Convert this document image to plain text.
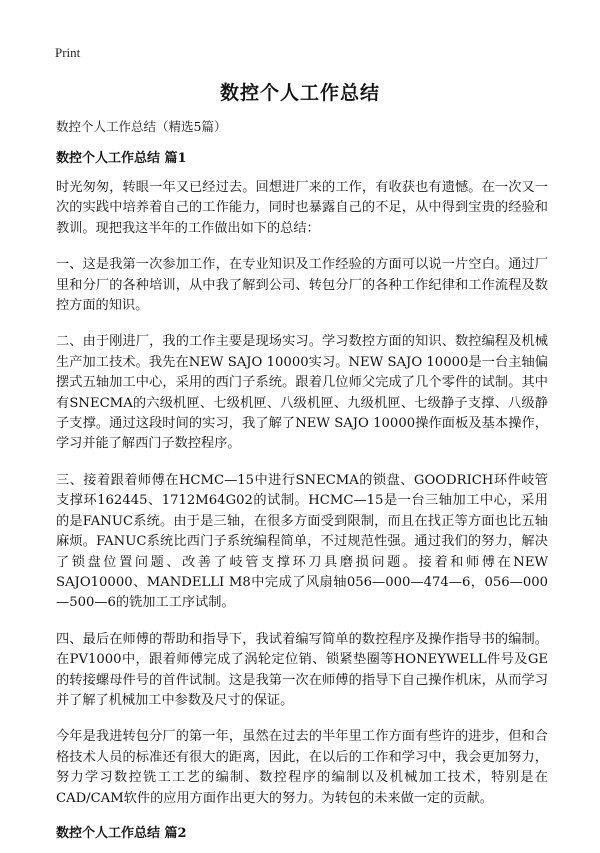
Print
数控个人工作总结
数控个人工作总结（精选5篇）
数控个人工作总结 篇1

时光匆匆，转眼一年又已经过去。回想进厂来的工作，有收获也有遗憾。在一次又一次的实践中培养着自己的工作能力，同时也暴露自己的不足，从中得到宝贵的经验和教训。现把我这半年的工作做出如下的总结：

一、这是我第一次参加工作，在专业知识及工作经验的方面可以说一片空白。通过厂里和分厂的各种培训，从中我了解到公司、转包分厂的各种工作纪律和工作流程及数控方面的知识。

二、由于刚进厂，我的工作主要是现场实习。学习数控方面的知识、数控编程及机械生产加工技术。我先在NEW SAJO 10000实习。NEW SAJO 10000是一台主轴偏摆式五轴加工中心，采用的西门子系统。跟着几位师父完成了几个零件的试制。其中有SNECMA的六级机匣、七级机匣、八级机匣、九级机匣、七级静子支撑、八级静子支撑。通过这段时间的实习，我了解了NEW SAJO 10000操作面板及基本操作，学习并能了解西门子数控程序。

三、接着跟着师傅在HCMC—15中进行SNECMA的锁盘、GOODRICH环件岐管支撑环162445、1712M64G02的试制。HCMC—15是一台三轴加工中心，采用的是FANUC系统。由于是三轴，在很多方面受到限制，而且在找正等方面也比五轴麻烦。FANUC系统比西门子系统编程简单，不过规范性强。通过我们的努力，解决了锁盘位置问题、改善了岐管支撑环刀具磨损问题。接着和师傅在NEW SAJO10000、MANDELLI M8中完成了风扇轴056—000—474—6，056—000—500—6的铣加工工序试制。

四、最后在师傅的帮助和指导下，我试着编写简单的数控程序及操作指导书的编制。在PV1000中，跟着师傅完成了涡轮定位销、锁紧垫圈等HONEYWELL件号及GE的转接螺母件号的首件试制。这是我第一次在师傅的指导下自己操作机床，从而学习并了解了机械加工中参数及尺寸的保证。

今年是我进转包分厂的第一年，虽然在过去的半年里工作方面有些许的进步，但和合格技术人员的标准还有很大的距离，因此，在以后的工作和学习中，我会更加努力，努力学习数控铣工工艺的编制、数控程序的编制以及机械加工技术，特别是在CAD/CAM软件的应用方面作出更大的努力。为转包的未来做一定的贡献。

数控个人工作总结 篇2
